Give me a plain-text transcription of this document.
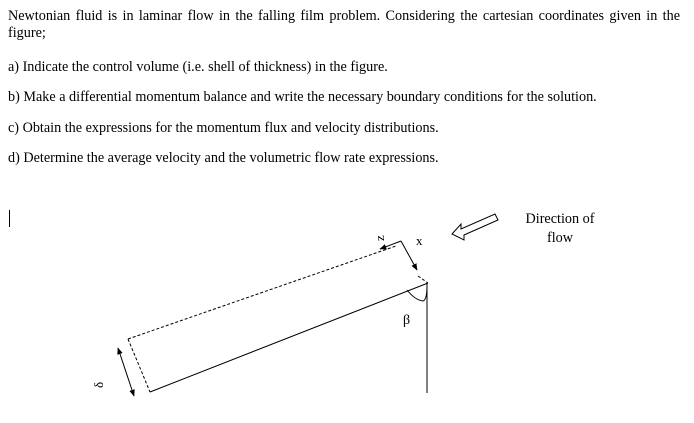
Newtonian fluid is in laminar flow in the falling film problem. Considering the cartesian coordinates given in the figure;

a) Indicate the control volume (i.e. shell of thickness) in the figure.

b) Make a differential momentum balance and write the necessary boundary conditions for the solution.

c) Obtain the expressions for the momentum flux and velocity distributions.

d) Determine the average velocity and the volumetric flow rate expressions.

Direction of
flow
β
z x
δ
